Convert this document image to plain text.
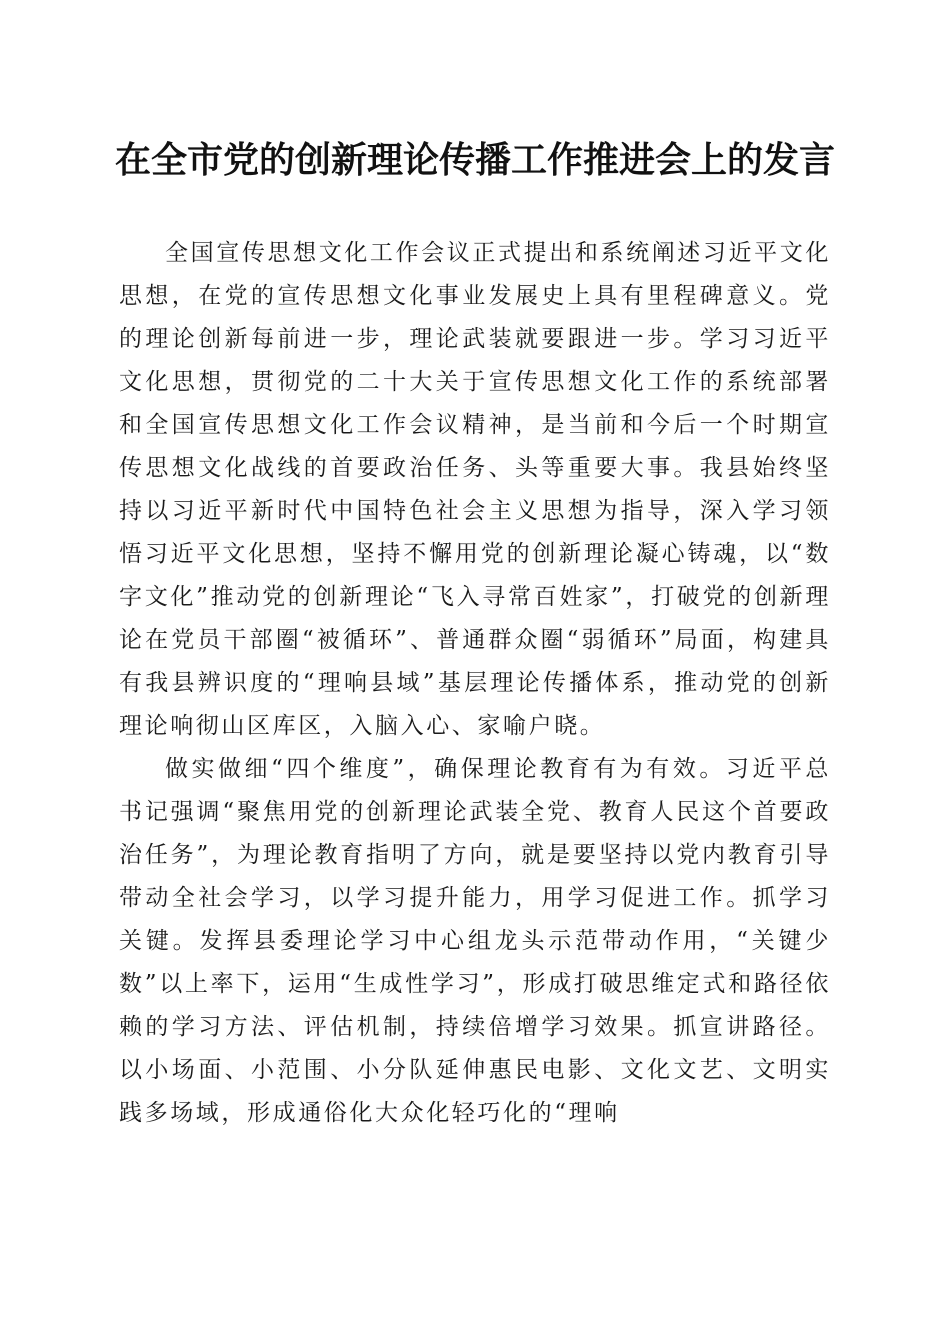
在全市党的创新理论传播工作推进会上的发言

全国宣传思想文化工作会议正式提出和系统阐述习近平文化思想，在党的宣传思想文化事业发展史上具有里程碑意义。党的理论创新每前进一步，理论武装就要跟进一步。学习习近平文化思想，贯彻党的二十大关于宣传思想文化工作的系统部署和全国宣传思想文化工作会议精神，是当前和今后一个时期宣传思想文化战线的首要政治任务、头等重要大事。我县始终坚持以习近平新时代中国特色社会主义思想为指导，深入学习领悟习近平文化思想，坚持不懈用党的创新理论凝心铸魂，以“数字文化”推动党的创新理论“飞入寻常百姓家”，打破党的创新理论在党员干部圈“被循环”、普通群众圈“弱循环”局面，构建具有我县辨识度的“理响县域”基层理论传播体系，推动党的创新理论响彻山区库区，入脑入心、家喻户晓。

做实做细“四个维度”，确保理论教育有为有效。习近平总书记强调“聚焦用党的创新理论武装全党、教育人民这个首要政治任务”，为理论教育指明了方向，就是要坚持以党内教育引导带动全社会学习，以学习提升能力，用学习促进工作。抓学习关键。发挥县委理论学习中心组龙头示范带动作用，“关键少数”以上率下，运用“生成性学习”，形成打破思维定式和路径依赖的学习方法、评估机制，持续倍增学习效果。抓宣讲路径。以小场面、小范围、小分队延伸惠民电影、文化文艺、文明实践多场域，形成通俗化大众化轻巧化的“理响
